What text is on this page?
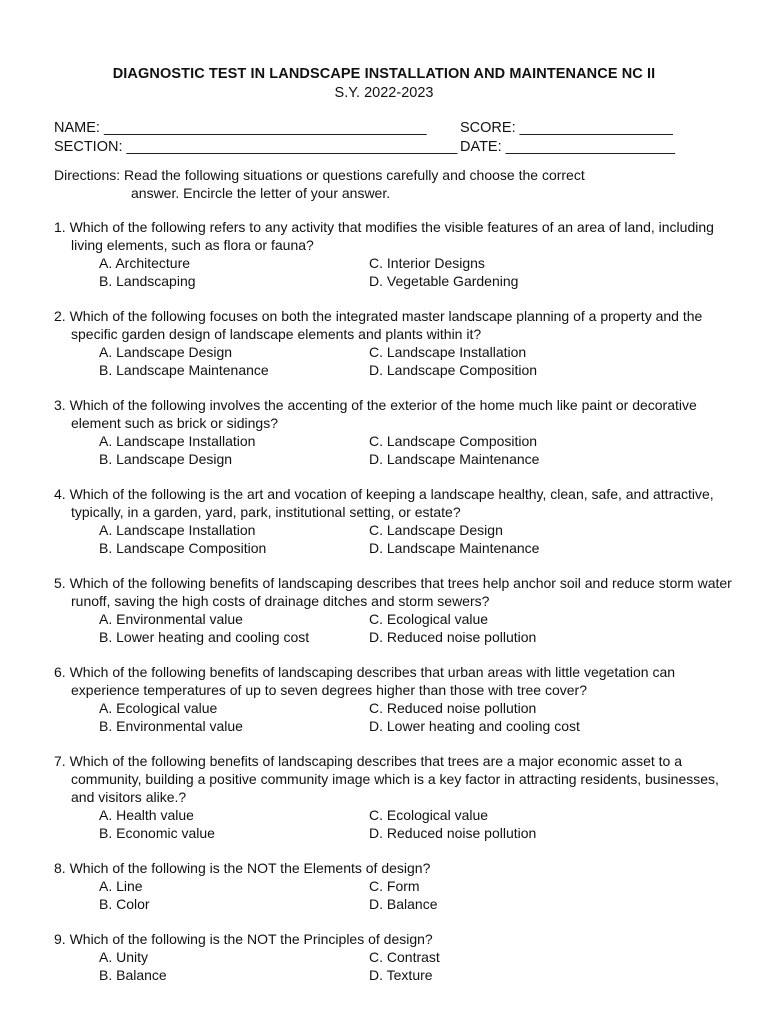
DIAGNOSTIC TEST IN LANDSCAPE INSTALLATION AND MAINTENANCE NC II
S.Y. 2022-2023
NAME: ________________________________________ SCORE: ___________________
SECTION: _________________________________________ DATE: _____________________
Directions: Read the following situations or questions carefully and choose the correct
answer. Encircle the letter of your answer.
1. Which of the following refers to any activity that modifies the visible features of an area of land, including living elements, such as flora or fauna?
A. Architecture	C. Interior Designs
B. Landscaping	D. Vegetable Gardening
2. Which of the following focuses on both the integrated master landscape planning of a property and the specific garden design of landscape elements and plants within it?
A. Landscape Design	C. Landscape Installation
B. Landscape Maintenance	D. Landscape Composition
3. Which of the following involves the accenting of the exterior of the home much like paint or decorative element such as brick or sidings?
A. Landscape Installation	C. Landscape Composition
B. Landscape Design	D. Landscape Maintenance
4. Which of the following is the art and vocation of keeping a landscape healthy, clean, safe, and attractive, typically, in a garden, yard, park, institutional setting, or estate?
A. Landscape Installation	C. Landscape Design
B. Landscape Composition	D. Landscape Maintenance
5. Which of the following benefits of landscaping describes that trees help anchor soil and reduce storm water runoff, saving the high costs of drainage ditches and storm sewers?
A. Environmental value	C. Ecological value
B. Lower heating and cooling cost	D. Reduced noise pollution
6. Which of the following benefits of landscaping describes that urban areas with little vegetation can experience temperatures of up to seven degrees higher than those with tree cover?
A. Ecological value	C. Reduced noise pollution
B. Environmental value	D. Lower heating and cooling cost
7. Which of the following benefits of landscaping describes that trees are a major economic asset to a community, building a positive community image which is a key factor in attracting residents, businesses, and visitors alike.?
A. Health value	C. Ecological value
B. Economic value	D. Reduced noise pollution
8. Which of the following is the NOT the Elements of design?
A. Line	C. Form
B. Color	D. Balance
9. Which of the following is the NOT the Principles of design?
A. Unity	C. Contrast
B. Balance	D. Texture
